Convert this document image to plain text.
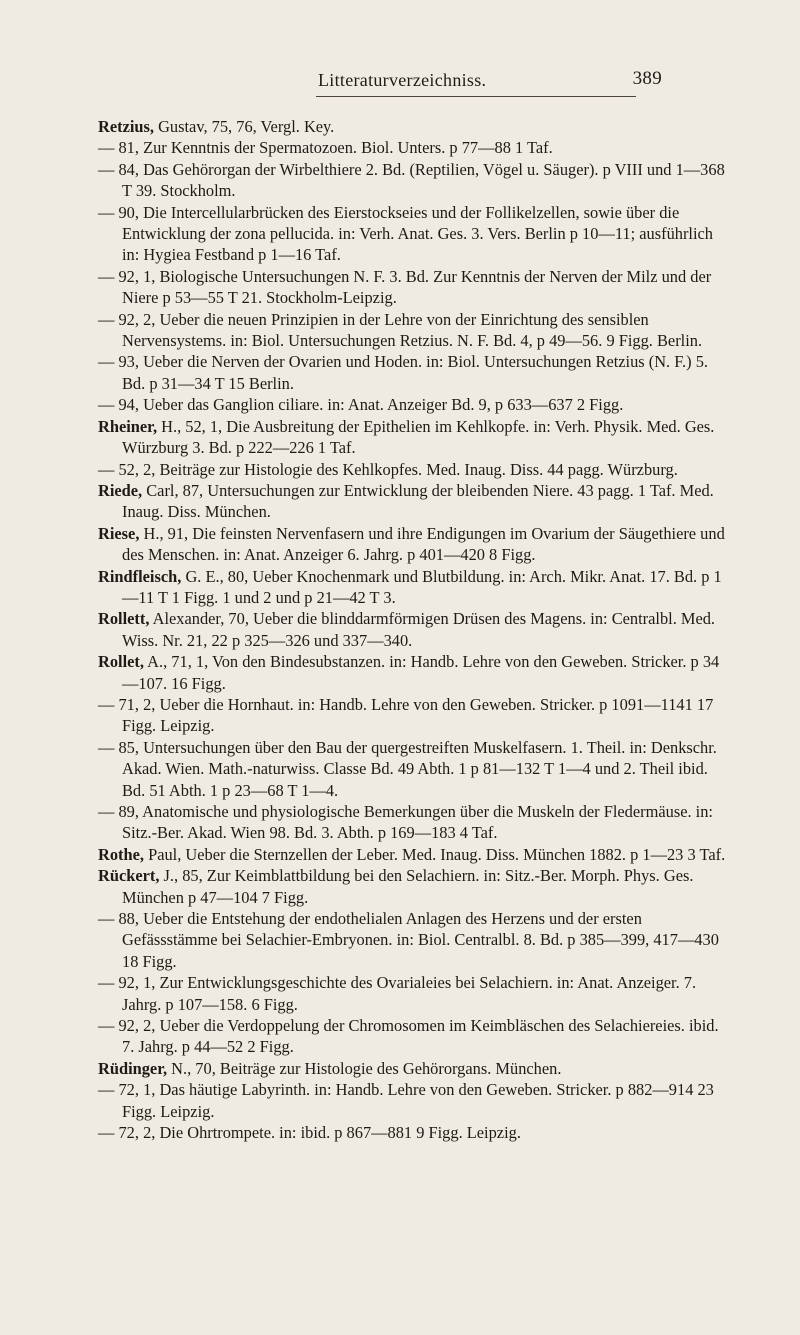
Litteraturverzeichniss.	389

Retzius, Gustav, 75, 76, Vergl. Key.

— 81, Zur Kenntnis der Spermatozoen. Biol. Unters. p 77—88 1 Taf.

— 84, Das Gehörorgan der Wirbelthiere 2. Bd. (Reptilien, Vögel u. Säuger). p VIII und 1—368 T 39. Stockholm.

— 90, Die Intercellularbrücken des Eierstockseies und der Follikelzellen, sowie über die Entwicklung der zona pellucida. in: Verh. Anat. Ges. 3. Vers. Berlin p 10—11; ausführlich in: Hygiea Festband p 1—16 Taf.

— 92, 1, Biologische Untersuchungen N. F. 3. Bd. Zur Kenntnis der Nerven der Milz und der Niere p 53—55 T 21. Stockholm-Leipzig.

— 92, 2, Ueber die neuen Prinzipien in der Lehre von der Einrichtung des sensiblen Nervensystems. in: Biol. Untersuchungen Retzius. N. F. Bd. 4, p 49—56. 9 Figg. Berlin.

— 93, Ueber die Nerven der Ovarien und Hoden. in: Biol. Untersuchungen Retzius (N. F.) 5. Bd. p 31—34 T 15 Berlin.

— 94, Ueber das Ganglion ciliare. in: Anat. Anzeiger Bd. 9, p 633—637 2 Figg.

Rheiner, H., 52, 1, Die Ausbreitung der Epithelien im Kehlkopfe. in: Verh. Physik. Med. Ges. Würzburg 3. Bd. p 222—226 1 Taf.

— 52, 2, Beiträge zur Histologie des Kehlkopfes. Med. Inaug. Diss. 44 pagg. Würzburg.

Riede, Carl, 87, Untersuchungen zur Entwicklung der bleibenden Niere. 43 pagg. 1 Taf. Med. Inaug. Diss. München.

Riese, H., 91, Die feinsten Nervenfasern und ihre Endigungen im Ovarium der Säugethiere und des Menschen. in: Anat. Anzeiger 6. Jahrg. p 401—420 8 Figg.

Rindfleisch, G. E., 80, Ueber Knochenmark und Blutbildung. in: Arch. Mikr. Anat. 17. Bd. p 1—11 T 1 Figg. 1 und 2 und p 21—42 T 3.

Rollett, Alexander, 70, Ueber die blinddarmförmigen Drüsen des Magens. in: Centralbl. Med. Wiss. Nr. 21, 22 p 325—326 und 337—340.

Rollet, A., 71, 1, Von den Bindesubstanzen. in: Handb. Lehre von den Geweben. Stricker. p 34—107. 16 Figg.

— 71, 2, Ueber die Hornhaut. in: Handb. Lehre von den Geweben. Stricker. p 1091—1141 17 Figg. Leipzig.

— 85, Untersuchungen über den Bau der quergestreiften Muskelfasern. 1. Theil. in: Denkschr. Akad. Wien. Math.-naturwiss. Classe Bd. 49 Abth. 1 p 81—132 T 1—4 und 2. Theil ibid. Bd. 51 Abth. 1 p 23—68 T 1—4.

— 89, Anatomische und physiologische Bemerkungen über die Muskeln der Fledermäuse. in: Sitz.-Ber. Akad. Wien 98. Bd. 3. Abth. p 169—183 4 Taf.

Rothe, Paul, Ueber die Sternzellen der Leber. Med. Inaug. Diss. München 1882. p 1—23 3 Taf.

Rückert, J., 85, Zur Keimblattbildung bei den Selachiern. in: Sitz.-Ber. Morph. Phys. Ges. München p 47—104 7 Figg.

— 88, Ueber die Entstehung der endothelialen Anlagen des Herzens und der ersten Gefässstämme bei Selachier-Embryonen. in: Biol. Centralbl. 8. Bd. p 385—399, 417—430 18 Figg.

— 92, 1, Zur Entwicklungsgeschichte des Ovarialeies bei Selachiern. in: Anat. Anzeiger. 7. Jahrg. p 107—158. 6 Figg.

— 92, 2, Ueber die Verdoppelung der Chromosomen im Keimbläschen des Selachiereies. ibid. 7. Jahrg. p 44—52 2 Figg.

Rüdinger, N., 70, Beiträge zur Histologie des Gehörorgans. München.

— 72, 1, Das häutige Labyrinth. in: Handb. Lehre von den Geweben. Stricker. p 882—914 23 Figg. Leipzig.

— 72, 2, Die Ohrtrompete. in: ibid. p 867—881 9 Figg. Leipzig.
